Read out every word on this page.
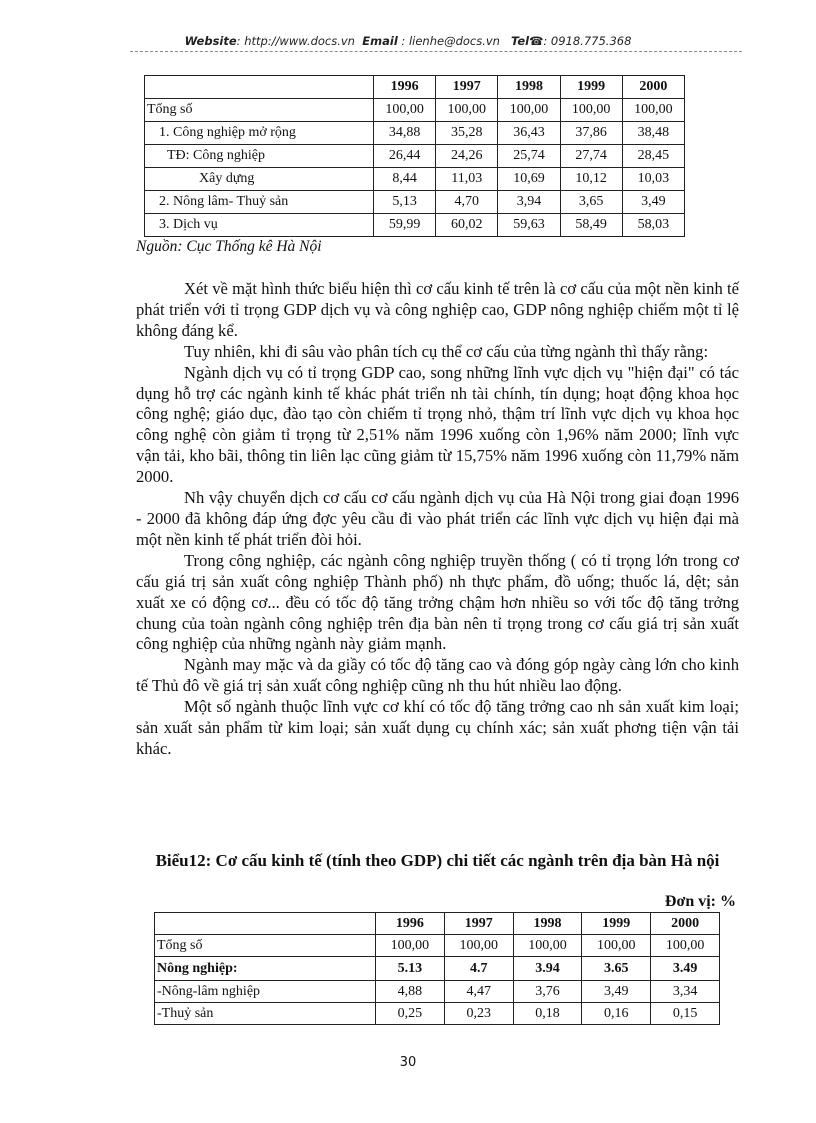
Website: http://www.docs.vn Email : lienhe@docs.vn Tel☎: 0918.775.368
	1996	1997	1998	1999	2000
Tổng số	100,00	100,00	100,00	100,00	100,00
1. Công nghiệp mở rộng	34,88	35,28	36,43	37,86	38,48
TĐ: Công nghiệp	26,44	24,26	25,74	27,74	28,45
Xây dựng	8,44	11,03	10,69	10,12	10,03
2. Nông lâm- Thuỷ sản	5,13	4,70	3,94	3,65	3,49
3. Dịch vụ	59,99	60,02	59,63	58,49	58,03
Nguồn: Cục Thống kê Hà Nội

Xét về mặt hình thức biểu hiện thì cơ cấu kinh tế trên là cơ cấu của một nền kinh tế phát triển với tỉ trọng GDP dịch vụ và công nghiệp cao, GDP nông nghiệp chiếm một tỉ lệ không đáng kể.

Tuy nhiên, khi đi sâu vào phân tích cụ thể cơ cấu của từng ngành thì thấy rằng:

Ngành dịch vụ có tỉ trọng GDP cao, song những lĩnh vực dịch vụ "hiện đại" có tác dụng hỗ trợ các ngành kinh tế khác phát triển nh tài chính, tín dụng; hoạt động khoa học công nghệ; giáo dục, đào tạo còn chiếm tỉ trọng nhỏ, thậm trí lĩnh vực dịch vụ khoa học công nghệ còn giảm tỉ trọng từ 2,51% năm 1996 xuống còn 1,96% năm 2000; lĩnh vực vận tải, kho bãi, thông tin liên lạc cũng giảm từ 15,75% năm 1996 xuống còn 11,79% năm 2000.

Nh vậy chuyển dịch cơ cấu cơ cấu ngành dịch vụ của Hà Nội trong giai đoạn 1996 - 2000 đã không đáp ứng đợc yêu cầu đi vào phát triển các lĩnh vực dịch vụ hiện đại mà một nền kinh tế phát triển đòi hỏi.

Trong công nghiệp, các ngành công nghiệp truyền thống ( có tỉ trọng lớn trong cơ cấu giá trị sản xuất công nghiệp Thành phố) nh thực phẩm, đồ uống; thuốc lá, dệt; sản xuất xe có động cơ... đều có tốc độ tăng trởng chậm hơn nhiều so với tốc độ tăng trởng chung của toàn ngành công nghiệp trên địa bàn nên tỉ trọng trong cơ cấu giá trị sản xuất công nghiệp của những ngành này giảm mạnh.

Ngành may mặc và da giầy có tốc độ tăng cao và đóng góp ngày càng lớn cho kinh tế Thủ đô về giá trị sản xuất công nghiệp cũng nh thu hút nhiều lao động.

Một số ngành thuộc lĩnh vực cơ khí có tốc độ tăng trởng cao nh sản xuất kim loại; sản xuất sản phẩm từ kim loại; sản xuất dụng cụ chính xác; sản xuất phơng tiện vận tải khác.

Biểu12: Cơ cấu kinh tế (tính theo GDP) chi tiết các ngành trên địa bàn Hà nội
Đơn vị: %
	1996	1997	1998	1999	2000
Tổng số	100,00	100,00	100,00	100,00	100,00
Nông nghiệp:	5.13	4.7	3.94	3.65	3.49
-Nông-lâm nghiệp	4,88	4,47	3,76	3,49	3,34
-Thuỷ sản	0,25	0,23	0,18	0,16	0,15
30
